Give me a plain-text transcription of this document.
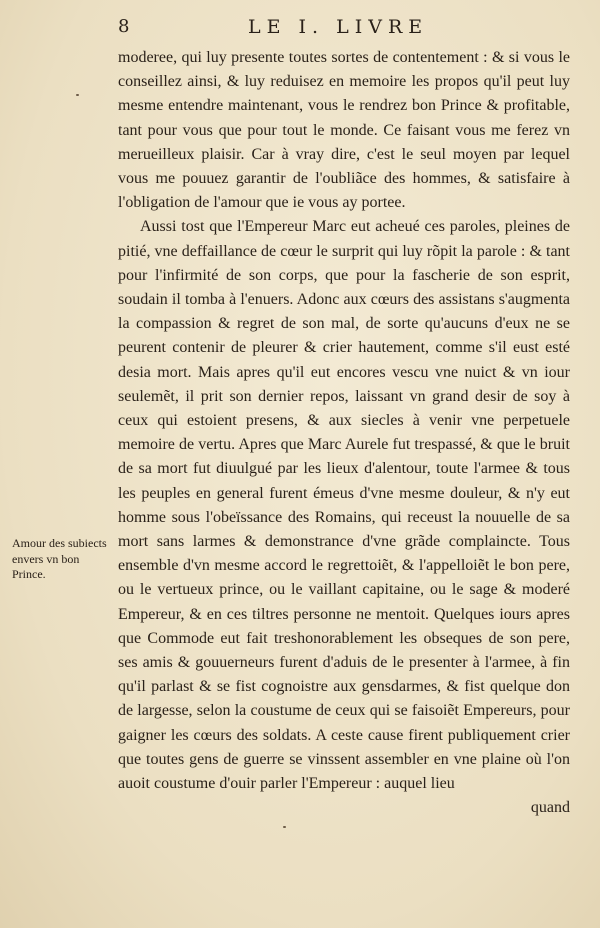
8	LE I. LIVRE
Amour des subiects envers vn bon Prince.

moderee, qui luy presente toutes sortes de contentement : & si vous le conseillez ainsi, & luy reduisez en memoire les propos qu'il peut luy mesme entendre maintenant, vous le rendrez bon Prince & profitable, tant pour vous que pour tout le monde. Ce faisant vous me ferez vn merueilleux plaisir. Car à vray dire, c'est le seul moyen par lequel vous me pouuez garantir de l'oubliãce des hommes, & satisfaire à l'obligation de l'amour que ie vous ay portee.

Aussi tost que l'Empereur Marc eut acheué ces paroles, pleines de pitié, vne deffaillance de cœur le surprit qui luy rõpit la parole : & tant pour l'infirmité de son corps, que pour la fascherie de son esprit, soudain il tomba à l'enuers. Adonc aux cœurs des assistans s'augmenta la compassion & regret de son mal, de sorte qu'aucuns d'eux ne se peurent contenir de pleurer & crier hautement, comme s'il eust esté desia mort. Mais apres qu'il eut encores vescu vne nuict & vn iour seulemẽt, il prit son dernier repos, laissant vn grand desir de soy à ceux qui estoient presens, & aux siecles à venir vne perpetuele memoire de vertu. Apres que Marc Aurele fut trespassé, & que le bruit de sa mort fut diuulgué par les lieux d'alentour, toute l'armee & tous les peuples en general furent émeus d'vne mesme douleur, & n'y eut homme sous l'obeïssance des Romains, qui receust la nouuelle de sa mort sans larmes & demonstrance d'vne grãde complaincte. Tous ensemble d'vn mesme accord le regrettoiẽt, & l'appelloiẽt le bon pere, ou le vertueux prince, ou le vaillant capitaine, ou le sage & moderé Empereur, & en ces tiltres personne ne mentoit. Quelques iours apres que Commode eut fait treshonorablement les obseques de son pere, ses amis & gouuerneurs furent d'aduis de le presenter à l'armee, à fin qu'il parlast & se fist cognoistre aux gensdarmes, & fist quelque don de largesse, selon la coustume de ceux qui se faisoiẽt Empereurs, pour gaigner les cœurs des soldats. A ceste cause firent publiquement crier que toutes gens de guerre se vinssent assembler en vne plaine où l'on auoit coustume d'ouir parler l'Empereur : auquel lieu

quand
